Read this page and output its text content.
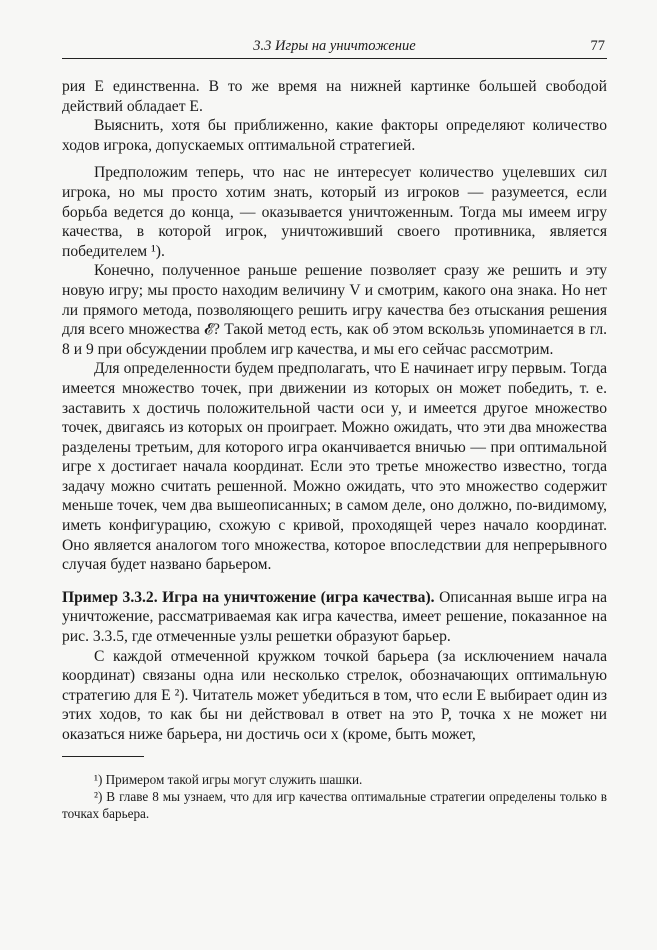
3.3 Игры на уничтожение	77

рия E единственна. В то же время на нижней картинке большей свободой действий обладает E.

Выяснить, хотя бы приближенно, какие факторы определяют количество ходов игрока, допускаемых оптимальной стратегией.

Предположим теперь, что нас не интересует количество уцелевших сил игрока, но мы просто хотим знать, который из игроков — разумеется, если борьба ведется до конца, — оказывается уничтоженным. Тогда мы имеем игру качества, в которой игрок, уничтоживший своего противника, является победителем ¹).

Конечно, полученное раньше решение позволяет сразу же решить и эту новую игру; мы просто находим величину V и смотрим, какого она знака. Но нет ли прямого метода, позволяющего решить игру качества без отыскания решения для всего множества 𝓔? Такой метод есть, как об этом вскользь упоминается в гл. 8 и 9 при обсуждении проблем игр качества, и мы его сейчас рассмотрим.

Для определенности будем предполагать, что E начинает игру первым. Тогда имеется множество точек, при движении из которых он может победить, т. е. заставить x достичь положительной части оси y, и имеется другое множество точек, двигаясь из которых он проиграет. Можно ожидать, что эти два множества разделены третьим, для которого игра оканчивается вничью — при оптимальной игре x достигает начала координат. Если это третье множество известно, тогда задачу можно считать решенной. Можно ожидать, что это множество содержит меньше точек, чем два вышеописанных; в самом деле, оно должно, по-видимому, иметь конфигурацию, схожую с кривой, проходящей через начало координат. Оно является аналогом того множества, которое впоследствии для непрерывного случая будет названо барьером.

Пример 3.3.2. Игра на уничтожение (игра качества). Описанная выше игра на уничтожение, рассматриваемая как игра качества, имеет решение, показанное на рис. 3.3.5, где отмеченные узлы решетки образуют барьер.

С каждой отмеченной кружком точкой барьера (за исключением начала координат) связаны одна или несколько стрелок, обозначающих оптимальную стратегию для E ²). Читатель может убедиться в том, что если E выбирает один из этих ходов, то как бы ни действовал в ответ на это P, точка x не может ни оказаться ниже барьера, ни достичь оси x (кроме, быть может,

¹) Примером такой игры могут служить шашки.

²) В главе 8 мы узнаем, что для игр качества оптимальные стратегии определены только в точках барьера.
